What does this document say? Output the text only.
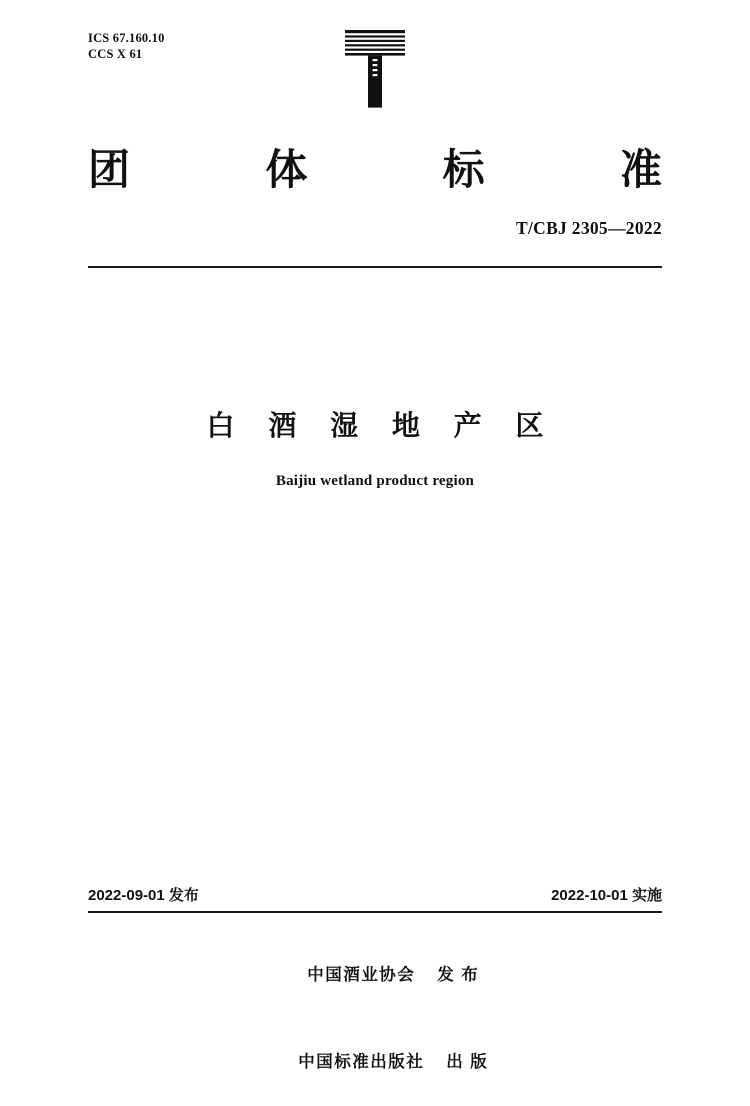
ICS 67.160.10
CCS X 61
团	体	标	准
T/CBJ 2305—2022
白 酒 湿 地 产 区
Baijiu wetland product region
2022-09-01 发布	2022-10-01 实施

中国酒业协会 发 布

中国标准出版社 出 版
